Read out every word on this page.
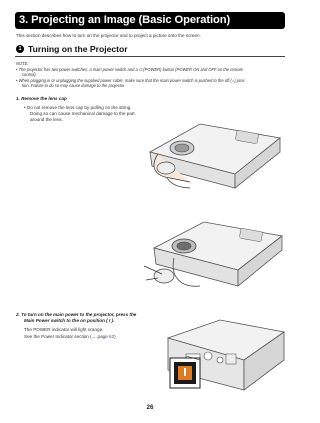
3. Projecting an Image (Basic Operation)
This section describes how to turn on the projector and to project a picture onto the screen.
1 Turning on the Projector
NOTE:
• The projector has two power switches: a main power switch and a ⏻ (POWER) button (POWER ON and OFF on the remote
control).
• When plugging in or unplugging the supplied power cable, make sure that the main power switch is pushed to the off (○) posi-
tion. Failure to do so may cause damage to the projector.
1. Remove the lens cap
• Do not remove the lens cap by pulling on the string.
Doing so can cause mechanical damage to the part
around the lens.
2. To turn on the main power to the projector, press the
Main Power switch to the on position ( I ).
The POWER indicator will light orange.
See the Power Indicator section (→ page 62)
26
